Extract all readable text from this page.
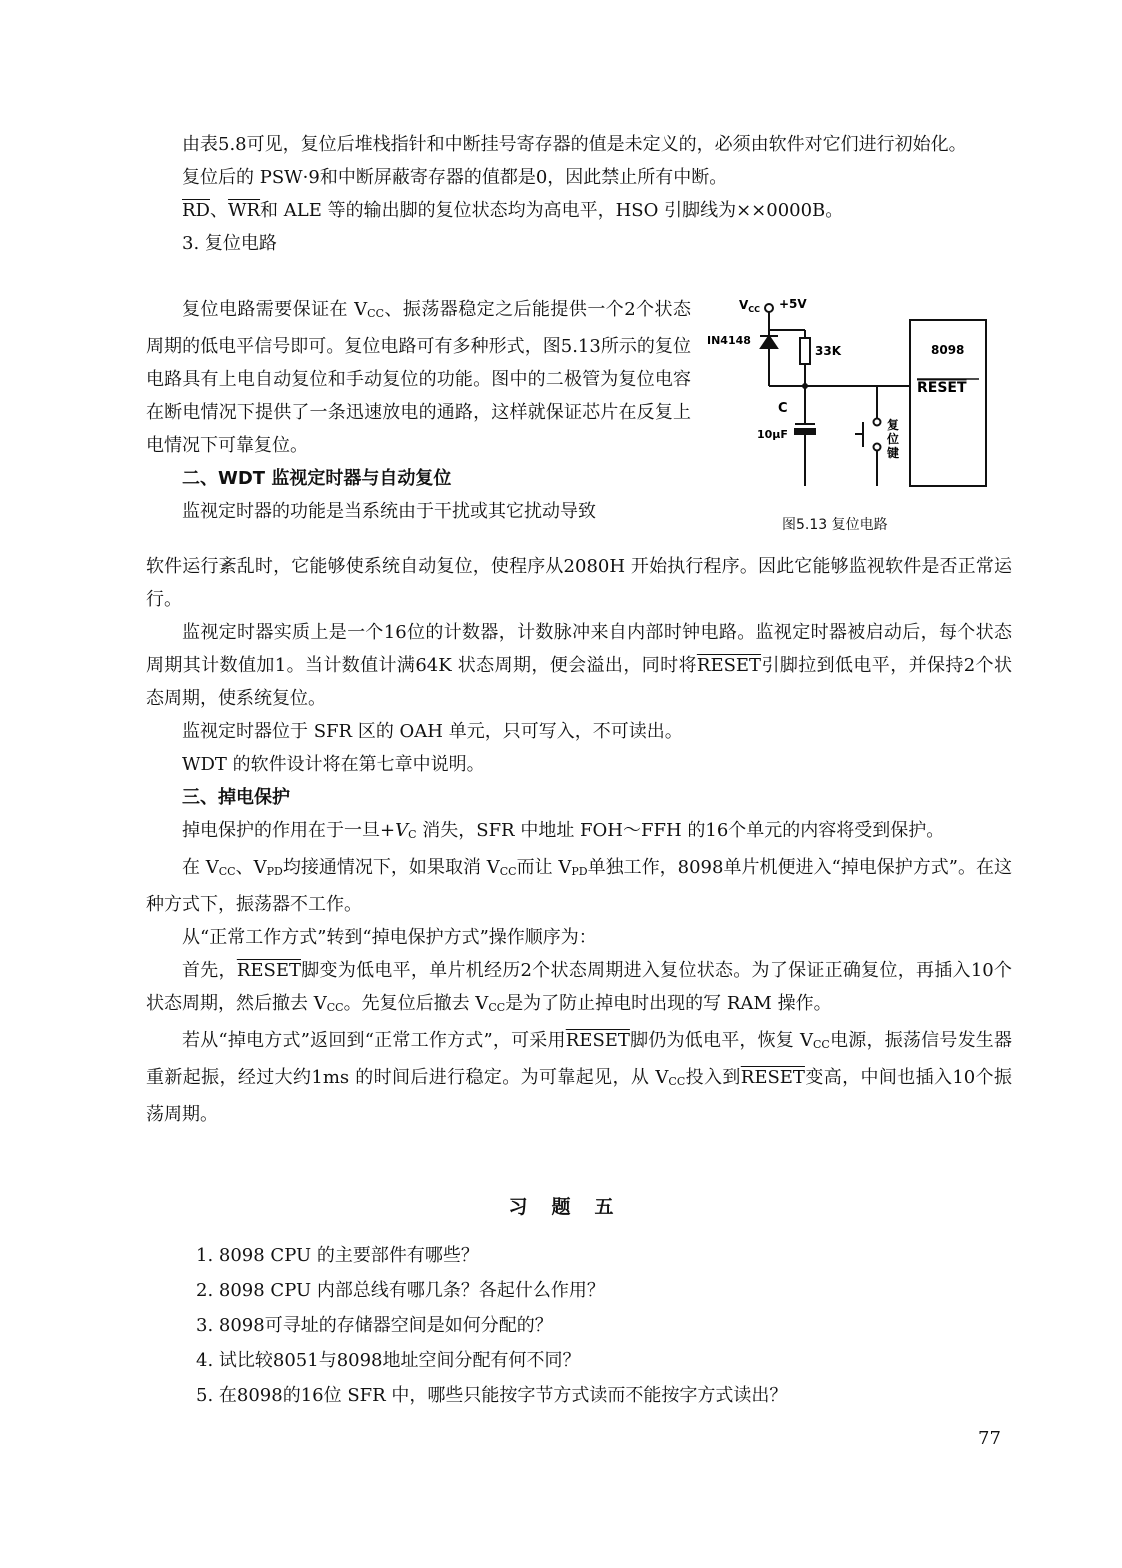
由表5.8可见，复位后堆栈指针和中断挂号寄存器的值是未定义的，必须由软件对它们进行初始化。

复位后的 PSW·9和中断屏蔽寄存器的值都是0，因此禁止所有中断。

$\overline{RD}$、$\overline{WR}$和 ALE 等的输出脚的复位状态均为高电平，HSO 引脚线为××0000B。

3. 复位电路

复位电路需要保证在 $V_{CC}$、振荡器稳定之后能提供一个2个状态周期的低电平信号即可。复位电路可有多种形式，图5.13所示的复位电路具有上电自动复位和手动复位的功能。图中的二极管为复位电容在断电情况下提供了一条迅速放电的通路，这样就保证芯片在反复上电情况下可靠复位。

二、WDT 监视定时器与自动复位

监视定时器的功能是当系统由于干扰或其它扰动导致

$V_{CC} +5V$
IN4148
33K	8098
RESET
C
10μF
复
位
键
图5.13 复位电路

软件运行紊乱时，它能够使系统自动复位，使程序从2080H 开始执行程序。因此它能够监视软件是否正常运行。

监视定时器实质上是一个16位的计数器，计数脉冲来自内部时钟电路。监视定时器被启动后，每个状态周期其计数值加1。当计数值计满64K 状态周期，便会溢出，同时将RESET引脚拉到低电平，并保持2个状态周期，使系统复位。

监视定时器位于 SFR 区的 OAH 单元，只可写入，不可读出。

WDT 的软件设计将在第七章中说明。

三、掉电保护

掉电保护的作用在于一旦$+V_C$ 消失，SFR 中地址 FOH～FFH 的16个单元的内容将受到保护。

在 $V_{CC}$、$V_{PD}$均接通情况下，如果取消 $V_{CC}$而让 $V_{PD}$单独工作，8098单片机便进入“掉电保护方式”。在这种方式下，振荡器不工作。

从“正常工作方式”转到“掉电保护方式”操作顺序为：

首先，RESET脚变为低电平，单片机经历2个状态周期进入复位状态。为了保证正确复位，再插入10个状态周期，然后撤去 $V_{CC}$。先复位后撤去 $V_{CC}$是为了防止掉电时出现的写 RAM 操作。

若从“掉电方式”返回到“正常工作方式”，可采用RESET脚仍为低电平，恢复 $V_{CC}$电源，振荡信号发生器重新起振，经过大约1ms 的时间后进行稳定。为可靠起见，从 $V_{CC}$投入到RESET变高，中间也插入10个振荡周期。

习题五
1. 8098 CPU 的主要部件有哪些？
2. 8098 CPU 内部总线有哪几条？各起什么作用？
3. 8098可寻址的存储器空间是如何分配的？
4. 试比较8051与8098地址空间分配有何不同？
5. 在8098的16位 SFR 中，哪些只能按字节方式读而不能按字方式读出？
77
